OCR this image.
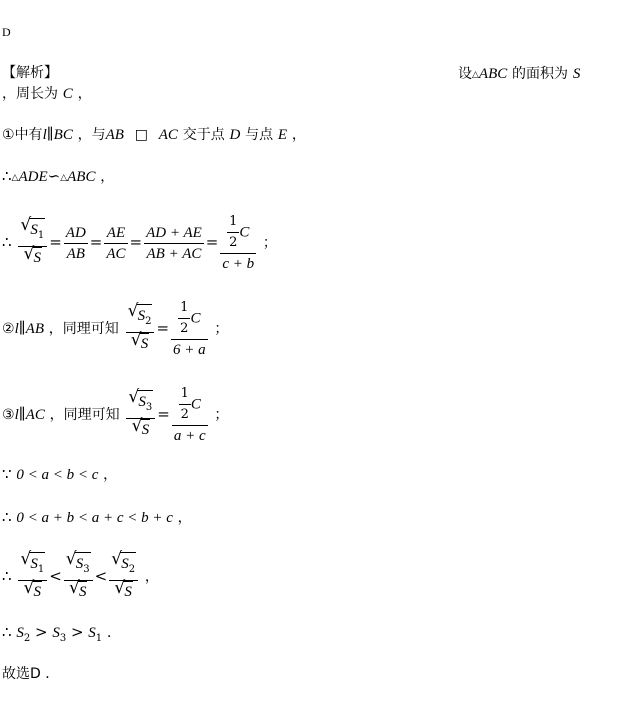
D
【解析】	设△ABC 的面积为 S
，周长为 C ，
①中有l∥BC ，与AB □ AC 交于点 D 与点 E ，
∴△ADE∽△ABC ，
∴ $\frac{√ S_1}{√ S} = \frac{AD}{AB} = \frac{AE}{AC} = \frac{AD + AE}{AB + AC} = \frac{\frac{1}{2} C}{c + b}$ ；
②l∥AB ，同理可知 $\frac{√ S_2}{√ S} = \frac{\frac{1}{2} C}{6 + a}$ ；
③l∥AC ，同理可知 $\frac{√ S_3}{√ S} = \frac{\frac{1}{2} C}{a + c}$ ；
∵ 0 < a < b < c ，
∴ 0 < a + b < a + c < b + c ，
∴ $\frac{√ S_1}{√ S} < \frac{√ S_3}{√ S} < \frac{√ S_2}{√ S}$ ，
∴ $S_2 > S_3 > S_1$ ．
故选D ．
